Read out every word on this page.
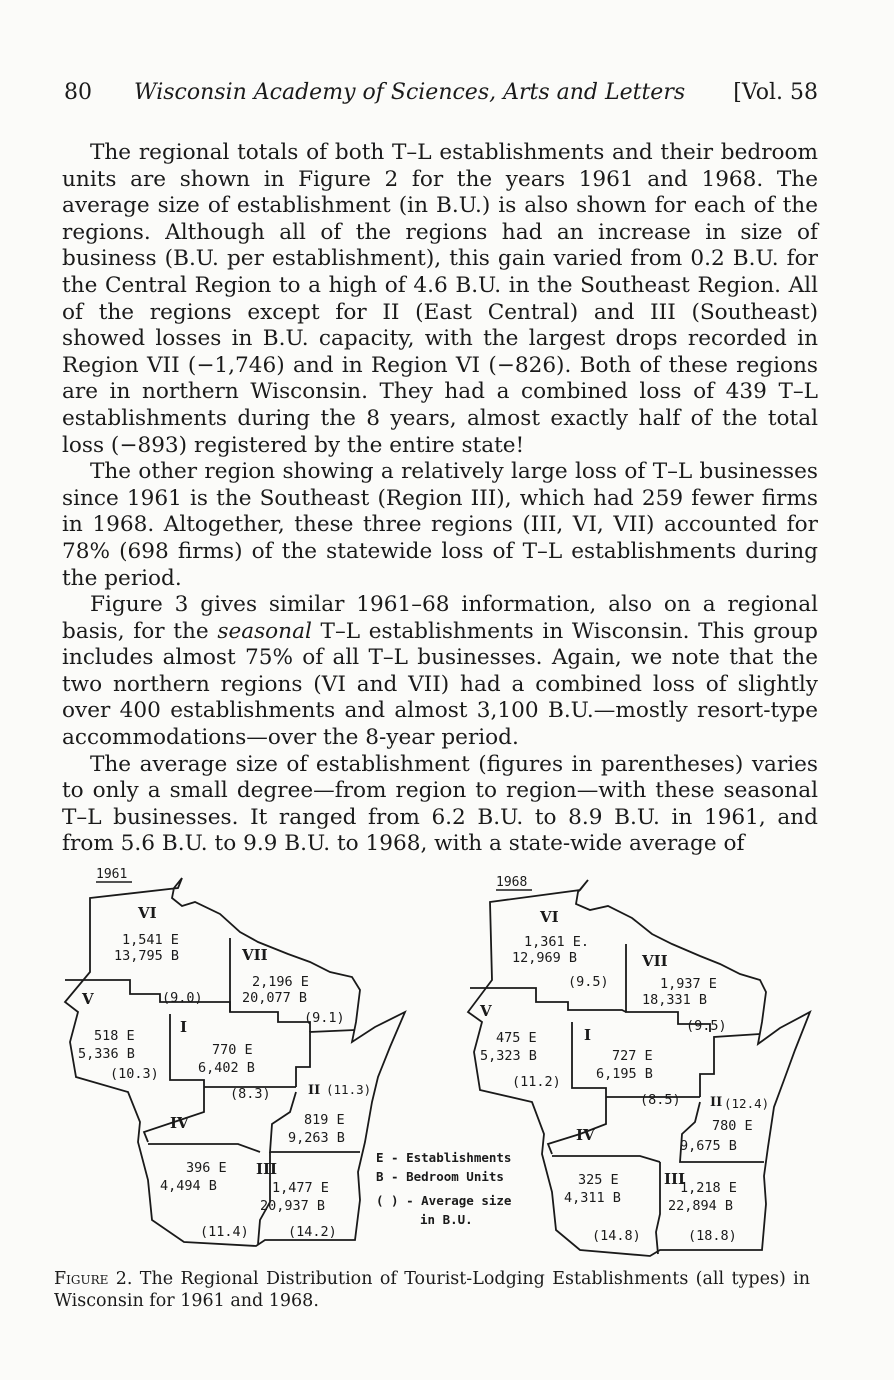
80 Wisconsin Academy of Sciences, Arts and Letters [Vol. 58

The regional totals of both T–L establishments and their bedroom units are shown in Figure 2 for the years 1961 and 1968. The average size of establishment (in B.U.) is also shown for each of the regions. Although all of the regions had an increase in size of business (B.U. per establishment), this gain varied from 0.2 B.U. for the Central Region to a high of 4.6 B.U. in the Southeast Region. All of the regions except for II (East Central) and III (Southeast) showed losses in B.U. capacity, with the largest drops recorded in Region VII (−1,746) and in Region VI (−826). Both of these regions are in northern Wisconsin. They had a combined loss of 439 T–L establishments during the 8 years, almost exactly half of the total loss (−893) registered by the entire state!

The other region showing a relatively large loss of T–L businesses since 1961 is the Southeast (Region III), which had 259 fewer firms in 1968. Altogether, these three regions (III, VI, VII) accounted for 78% (698 firms) of the statewide loss of T–L establishments during the period.

Figure 3 gives similar 1961–68 information, also on a regional basis, for the seasonal T–L establishments in Wisconsin. This group includes almost 75% of all T–L businesses. Again, we note that the two northern regions (VI and VII) had a combined loss of slightly over 400 establishments and almost 3,100 B.U.—mostly resort-type accommodations—over the 8-year period.

The average size of establishment (figures in parentheses) varies to only a small degree—from region to region—with these seasonal T–L businesses. It ranged from 6.2 B.U. to 8.9 B.U. in 1961, and from 5.6 B.U. to 9.9 B.U. to 1968, with a state-wide average of

1961
VI
1,541 E
13,795 B
(9.0)
VII
2,196 E
20,077 B
(9.1)
V
518 E
5,336 B
(10.3)
I
770 E
6,402 B
(8.3)	II (11.3)
819 E
9,263 B
IV
396 E
4,494 B
(11.4)
III
1,477 E
20,937 B
(14.2)
E - Establishments
B - Bedroom Units
( ) - Average size
in B.U.
1968
VI
1,361 E.
12,969 B
(9.5)
VII
1,937 E
18,331 B
(9.5)
V
475 E
5,323 B
(11.2)
I
727 E
6,195 B
(8.5) II (12.4)
780 E
9,675 B
IV
325 E
4,311 B
(14.8)
III
1,218 E
22,894 B
(18.8)
Figure 2. The Regional Distribution of Tourist-Lodging Establishments (all types) in Wisconsin for 1961 and 1968.
